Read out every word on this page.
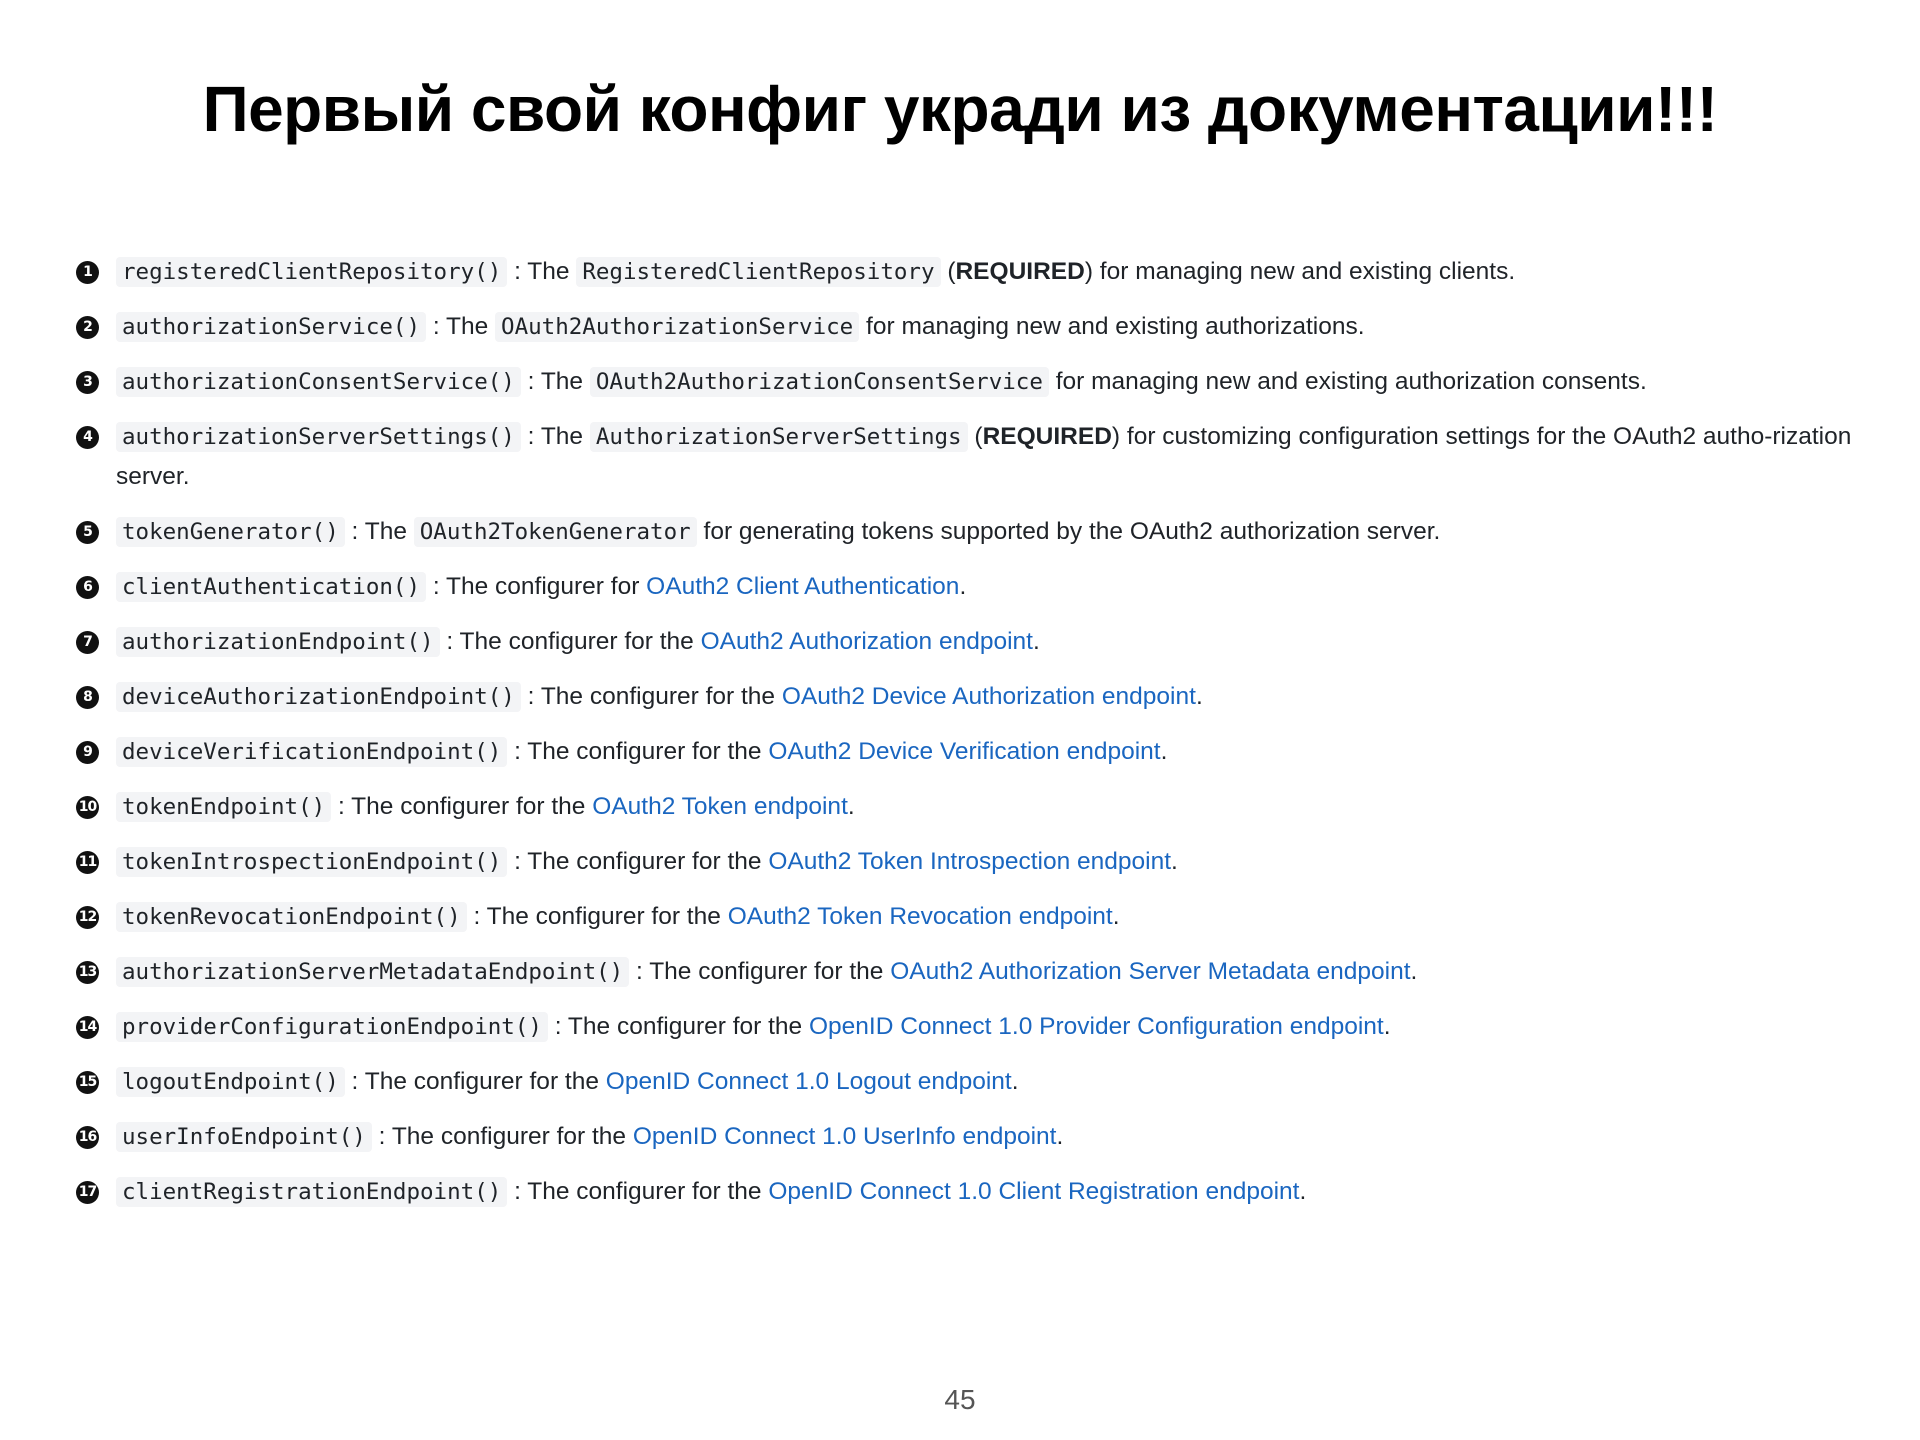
Первый свой конфиг укради из документации!!!
1	registeredClientRepository() : The RegisteredClientRepository (REQUIRED) for managing new and existing clients.
2	authorizationService() : The OAuth2AuthorizationService for managing new and existing authorizations.
3	authorizationConsentService() : The OAuth2AuthorizationConsentService for managing new and existing authorization consents.
4	authorizationServerSettings() : The AuthorizationServerSettings (REQUIRED) for customizing configuration settings for the OAuth2 autho-rization server.
5	tokenGenerator() : The OAuth2TokenGenerator for generating tokens supported by the OAuth2 authorization server.
6	clientAuthentication() : The configurer for OAuth2 Client Authentication.
7	authorizationEndpoint() : The configurer for the OAuth2 Authorization endpoint.
8	deviceAuthorizationEndpoint() : The configurer for the OAuth2 Device Authorization endpoint.
9	deviceVerificationEndpoint() : The configurer for the OAuth2 Device Verification endpoint.
10 tokenEndpoint() : The configurer for the OAuth2 Token endpoint.
11 tokenIntrospectionEndpoint() : The configurer for the OAuth2 Token Introspection endpoint.
12 tokenRevocationEndpoint() : The configurer for the OAuth2 Token Revocation endpoint.
13 authorizationServerMetadataEndpoint() : The configurer for the OAuth2 Authorization Server Metadata endpoint.
14 providerConfigurationEndpoint() : The configurer for the OpenID Connect 1.0 Provider Configuration endpoint.
15 logoutEndpoint() : The configurer for the OpenID Connect 1.0 Logout endpoint.
16 userInfoEndpoint() : The configurer for the OpenID Connect 1.0 UserInfo endpoint.
17 clientRegistrationEndpoint() : The configurer for the OpenID Connect 1.0 Client Registration endpoint.
45
